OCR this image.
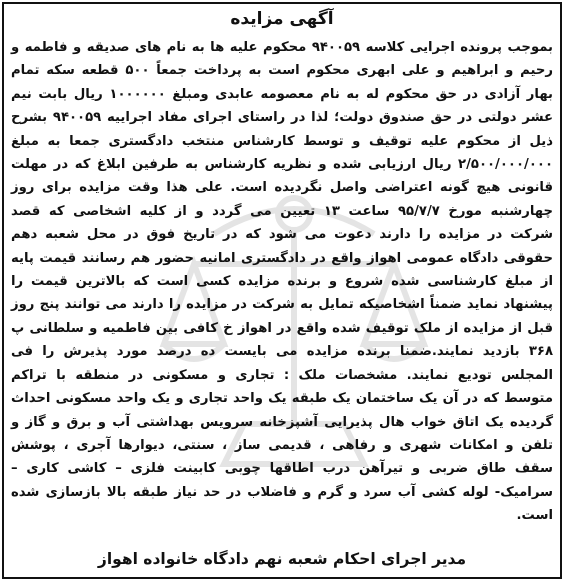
آگهی مزایده
بموجب پرونده اجرایی کلاسه ۹۴۰۰۵۹ محکوم علیه ها به نام های صدیقه و فاطمه و رحیم و ابراهیم و علی ابهری محکوم است به پرداخت جمعاً ۵۰۰ قطعه سکه تمام بهار آزادی در حق محکوم له به نام معصومه عابدی ومبلغ ۱۰۰۰۰۰۰ ریال بابت نیم عشر دولتی در حق صندوق دولت؛ لذا در راستای اجرای مفاد اجراییه ۹۴۰۰۵۹ بشرح ذیل از محکوم علیه توقیف و توسط کارشناس منتخب دادگستری جمعا به مبلغ ۲/۵۰۰/۰۰۰/۰۰۰ ریال ارزیابی شده و نظریه کارشناس به طرفین ابلاغ که در مهلت قانونی هیچ گونه اعتراضی واصل نگردیده است. علی هذا وقت مزایده برای روز چهارشنبه مورخ ۹۵/۷/۷ ساعت ۱۳ تعیین می گردد و از کلیه اشخاصی که قصد شرکت در مزایده را دارند دعوت می شود که در تاریخ فوق در محل شعبه دهم حقوقی دادگاه عمومی اهواز واقع در دادگستری امانیه حضور هم رسانند قیمت پایه از مبلغ کارشناسی شده شروع و برنده مزایده کسی است که بالاترین قیمت را پیشنهاد نماید ضمناً اشخاصیکه تمایل به شرکت در مزایده را دارند می توانند پنج روز قبل از مزایده از ملک توقیف شده واقع در اهواز خ کافی بین فاطمیه و سلطانی پ ۳۶۸ بازدید نمایند.ضمنا برنده مزایده می بایست ده درصد مورد پذیرش را فی المجلس تودیع نمایند. مشخصات ملک : تجاری و مسکونی در منطقه با تراکم متوسط که در آن یک ساختمان یک طبقه یک واحد تجاری و یک واحد مسکونی احداث گردیده یک اتاق خواب هال پذیرایی آشپزخانه سرویس بهداشتی آب و برق و گاز و تلفن و امکانات شهری و رفاهی ، قدیمی ساز ، سنتی، دیوارها آجری ، پوشش سقف طاق ضربی و تیرآهن درب اطاقها چوبی کابینت فلزی – کاشی کاری – سرامیک- لوله کشی آب سرد و گرم و فاضلاب در حد نیاز طبقه بالا بازسازی شده است.
مدیر اجرای احکام شعبه نهم دادگاه خانواده اهواز
